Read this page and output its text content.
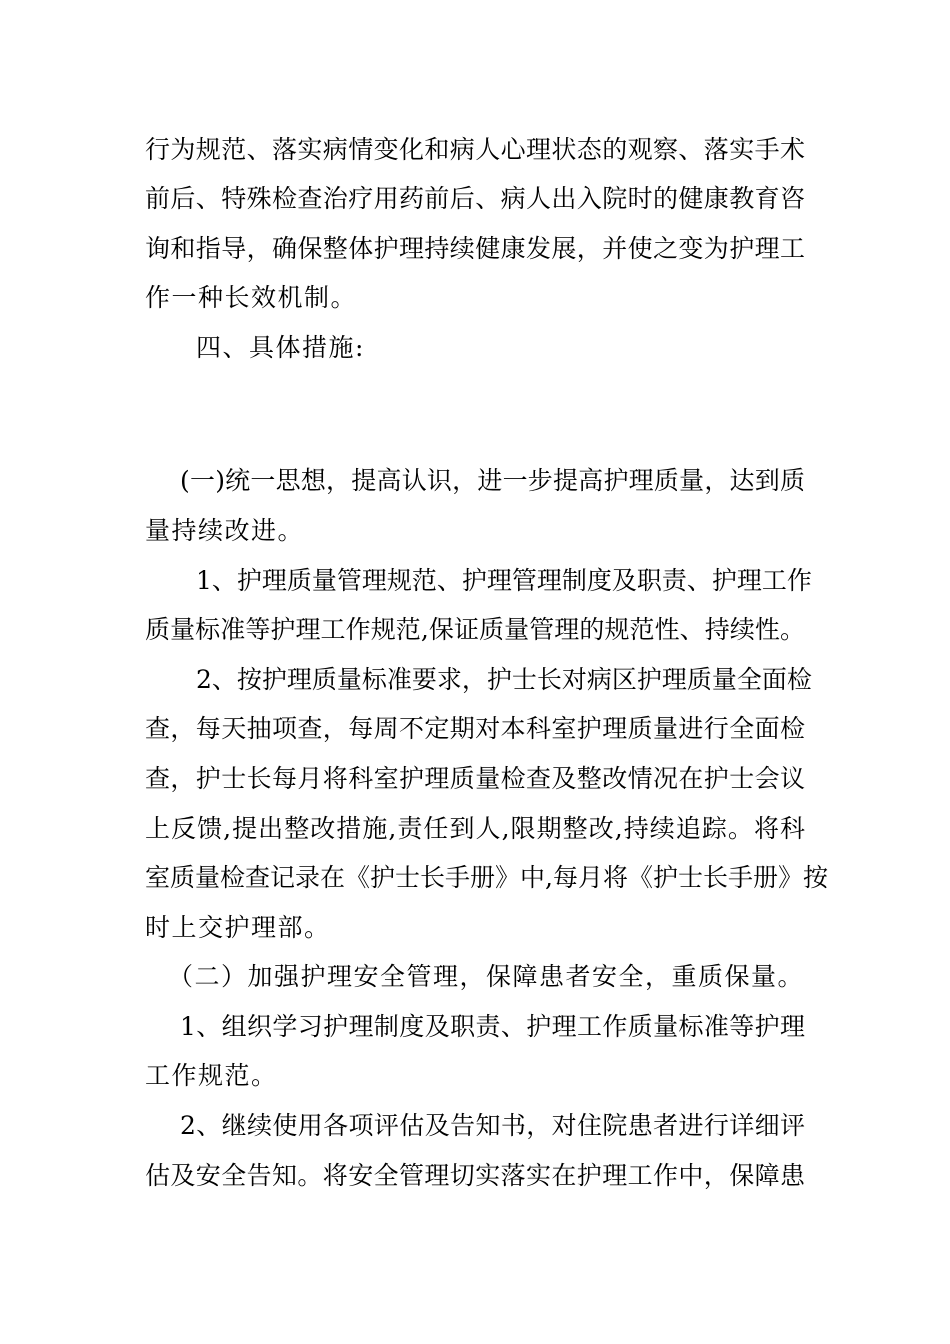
行为规范、落实病情变化和病人心理状态的观察、落实手术
前后、特殊检查治疗用药前后、病人出入院时的健康教育咨
询和指导，确保整体护理持续健康发展，并使之变为护理工
作一种长效机制。
四、具体措施:
(一)统一思想，提高认识，进一步提高护理质量，达到质
量持续改进。
1、护理质量管理规范、护理管理制度及职责、护理工作
质量标准等护理工作规范,保证质量管理的规范性、持续性。
2、按护理质量标准要求，护士长对病区护理质量全面检
查，每天抽项查，每周不定期对本科室护理质量进行全面检
查，护士长每月将科室护理质量检查及整改情况在护士会议
上反馈,提出整改措施,责任到人,限期整改,持续追踪。将科
室质量检查记录在《护士长手册》中,每月将《护士长手册》按
时上交护理部。
（二）加强护理安全管理，保障患者安全，重质保量。
1、组织学习护理制度及职责、护理工作质量标准等护理
工作规范。
2、继续使用各项评估及告知书，对住院患者进行详细评
估及安全告知。将安全管理切实落实在护理工作中，保障患
